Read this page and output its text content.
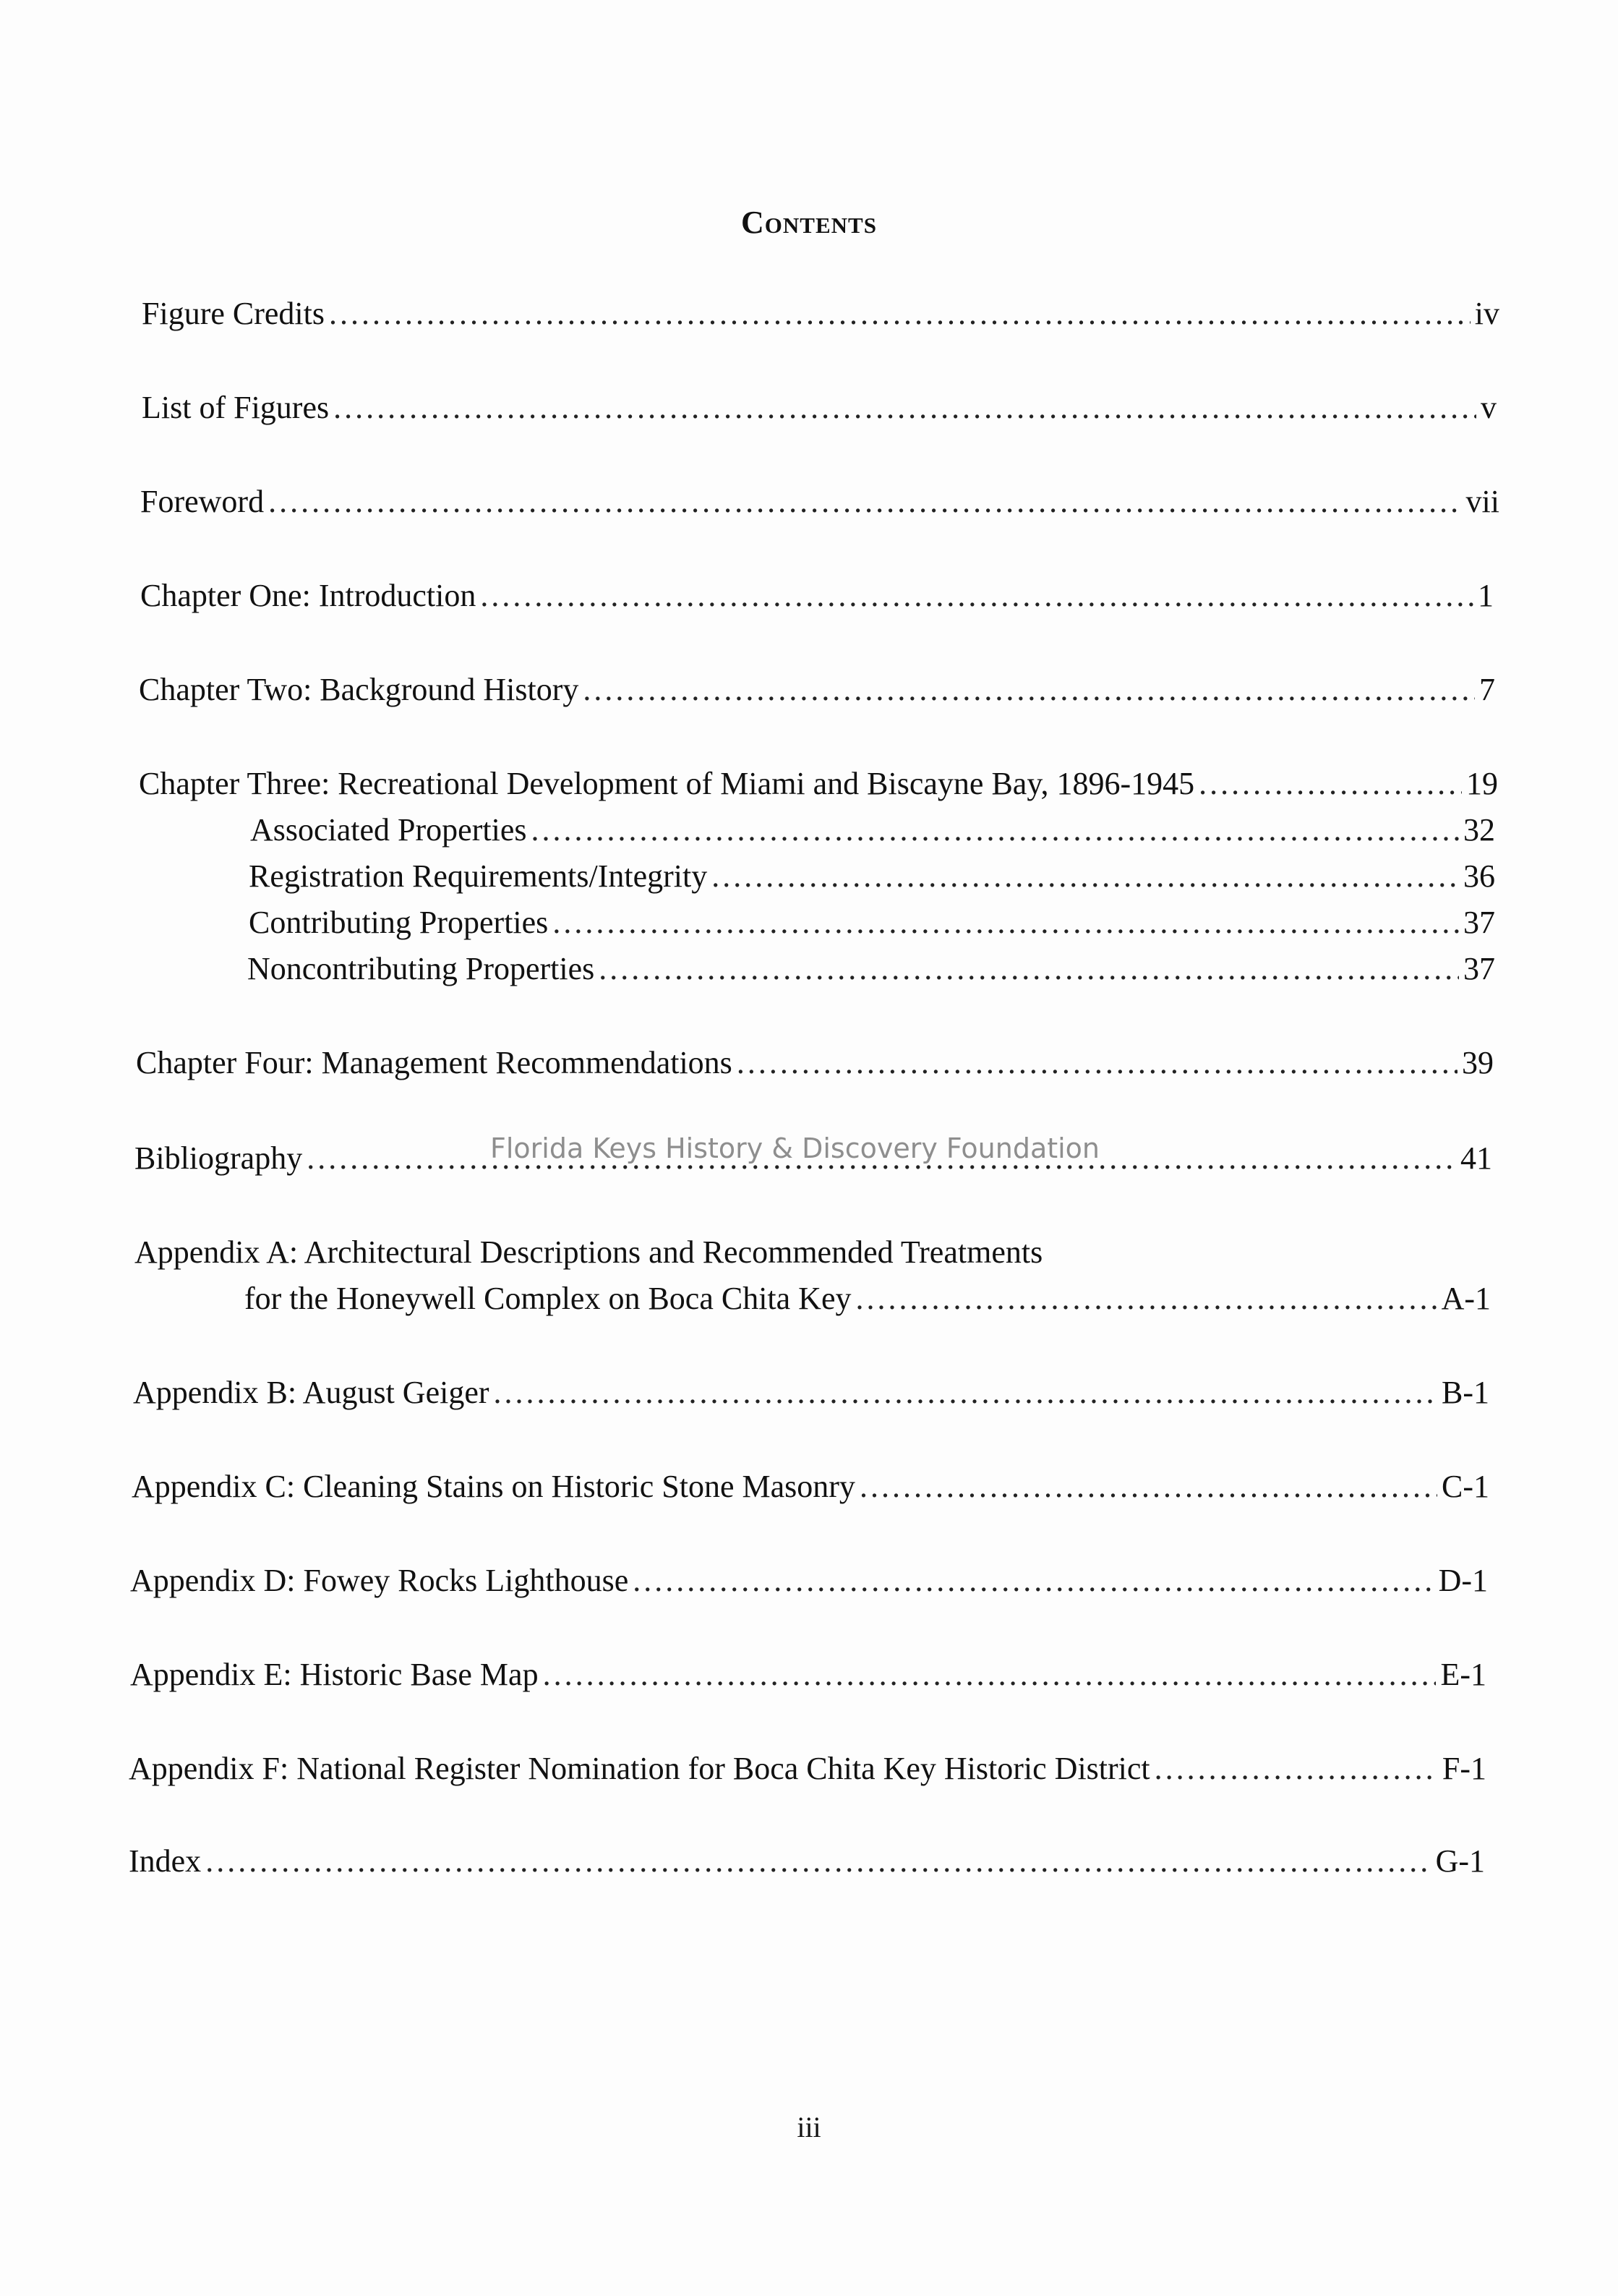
Contents
Figure Credits .....	iv
List of Figures .....	v
Foreword .....	vii
Chapter One: Introduction .....	1
Chapter Two: Background History .....	7
Chapter Three: Recreational Development of Miami and Biscayne Bay, 1896-1945 .....	19
Associated Properties .....	32
Registration Requirements/Integrity .....	36
Contributing Properties .....	37
Noncontributing Properties .....	37
Chapter Four: Management Recommendations .....	39
Bibliography .....	41
Florida Keys History & Discovery Foundation
Appendix A: Architectural Descriptions and Recommended Treatments
for the Honeywell Complex on Boca Chita Key .....	A-1
Appendix B: August Geiger .....	B-1
Appendix C: Cleaning Stains on Historic Stone Masonry .....	C-1
Appendix D: Fowey Rocks Lighthouse .....	D-1
Appendix E: Historic Base Map .....	E-1
Appendix F: National Register Nomination for Boca Chita Key Historic District .....	F-1
Index .....	G-1
iii
